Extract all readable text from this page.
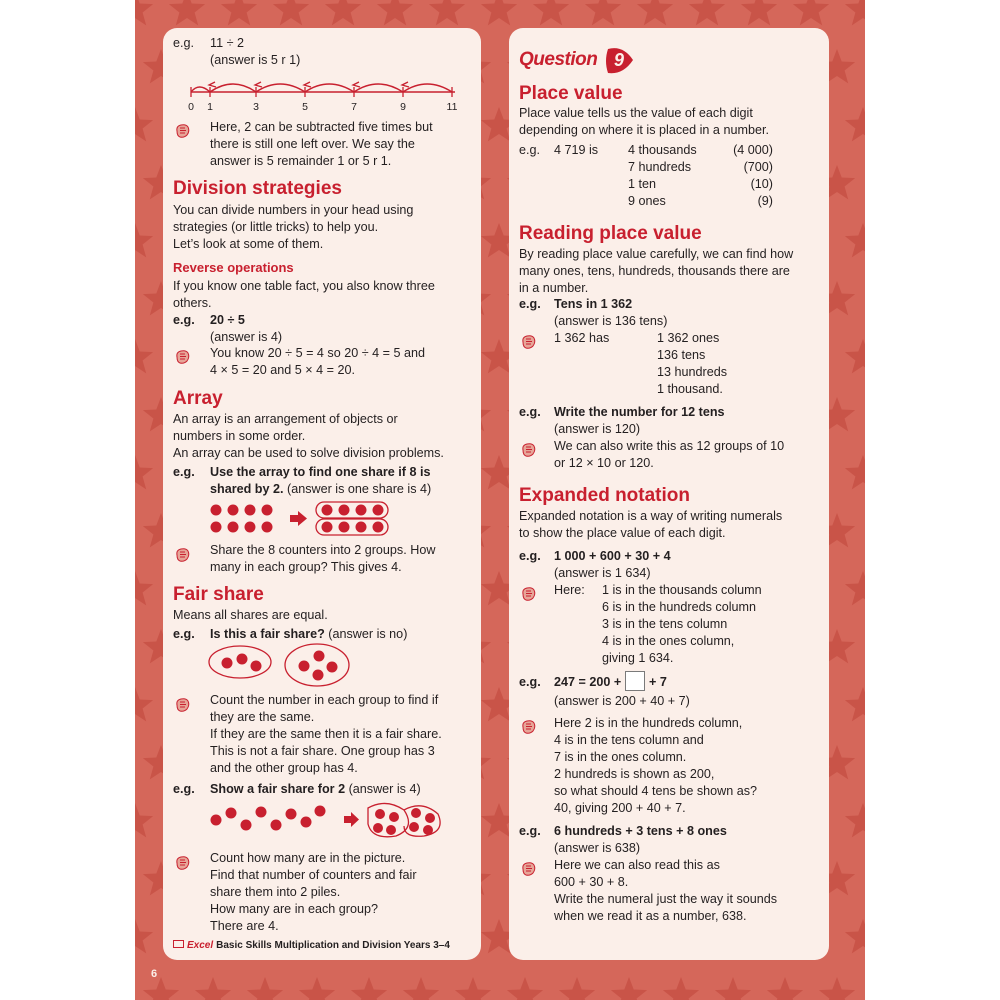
e.g. 11 ÷ 2
(answer is 5 r 1)
0 1	3	5	7	9	11
Here, 2 can be subtracted five times but
there is still one left over. We say the
answer is 5 remainder 1 or 5 r 1.
Division strategies
You can divide numbers in your head using
strategies (or little tricks) to help you.
Let’s look at some of them.
Reverse operations
If you know one table fact, you also know three
others.
e.g. 20 ÷ 5
(answer is 4)
You know 20 ÷ 5 = 4 so 20 ÷ 4 = 5 and
4 × 5 = 20 and 5 × 4 = 20.
Array
An array is an arrangement of objects or
numbers in some order.
An array can be used to solve division problems.
e.g. Use the array to find one share if 8 is
shared by 2. (answer is one share is 4)
Share the 8 counters into 2 groups. How
many in each group? This gives 4.
Fair share
Means all shares are equal.
e.g. Is this a fair share? (answer is no)
Count the number in each group to find if
they are the same.
If they are the same then it is a fair share.
This is not a fair share. One group has 3
and the other group has 4.
e.g. Show a fair share for 2 (answer is 4)
Count how many are in the picture.
Find that number of counters and fair
share them into 2 piles.
How many are in each group?
There are 4.
Excel Basic Skills Multiplication and Division Years 3–4
Question 9
Place value
Place value tells us the value of each digit
depending on where it is placed in a number.
e.g. 4 719 is 4 thousands	(4 000)
7 hundreds	(700)
1 ten	(10)
9 ones	(9)
Reading place value
By reading place value carefully, we can find how
many ones, tens, hundreds, thousands there are
in a number.
e.g. Tens in 1 362
(answer is 136 tens)
1 362 has	1 362 ones
136 tens
13 hundreds
1 thousand.
e.g. Write the number for 12 tens
(answer is 120)
We can also write this as 12 groups of 10
or 12 × 10 or 120.
Expanded notation
Expanded notation is a way of writing numerals
to show the place value of each digit.
e.g. 1 000 + 600 + 30 + 4
(answer is 1 634)
Here: 1 is in the thousands column
6 is in the hundreds column
3 is in the tens column
4 is in the ones column,
giving 1 634.
e.g. 247 = 200 + + 7
(answer is 200 + 40 + 7)
Here 2 is in the hundreds column,
4 is in the tens column and
7 is in the ones column.
2 hundreds is shown as 200,
so what should 4 tens be shown as?
40, giving 200 + 40 + 7.
e.g. 6 hundreds + 3 tens + 8 ones
(answer is 638)
Here we can also read this as
600 + 30 + 8.
Write the numeral just the way it sounds
when we read it as a number, 638.
6
